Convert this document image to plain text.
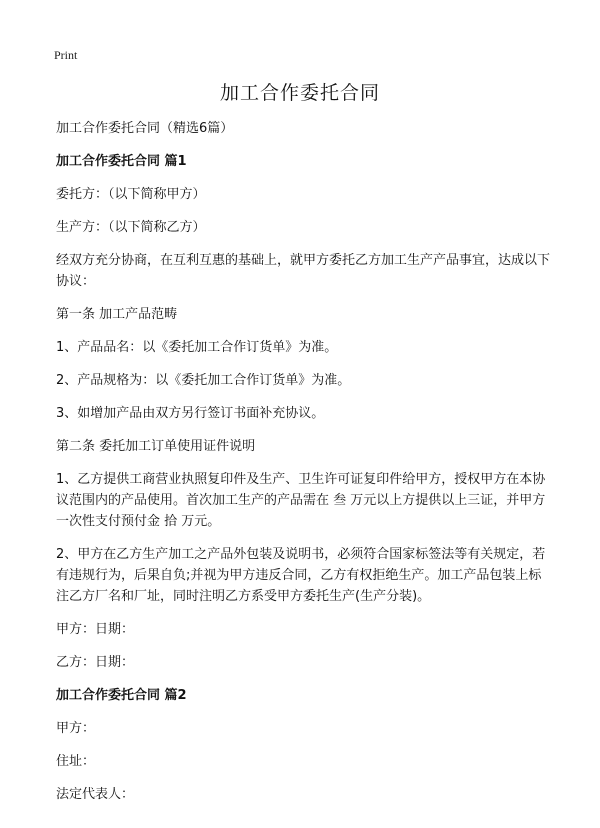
Print
加工合作委托合同

加工合作委托合同（精选6篇）

加工合作委托合同 篇1

委托方：（以下简称甲方）

生产方：（以下简称乙方）

经双方充分协商，在互利互惠的基础上，就甲方委托乙方加工生产产品事宜，达成以下协议：

第一条 加工产品范畴

1、产品品名：以《委托加工合作订货单》为准。

2、产品规格为：以《委托加工合作订货单》为准。

3、如增加产品由双方另行签订书面补充协议。

第二条 委托加工订单使用证件说明

1、乙方提供工商营业执照复印件及生产、卫生许可证复印件给甲方，授权甲方在本协议范围内的产品使用。首次加工生产的产品需在 叁 万元以上方提供以上三证，并甲方一次性支付预付金 拾 万元。

2、甲方在乙方生产加工之产品外包装及说明书，必须符合国家标签法等有关规定，若有违规行为，后果自负;并视为甲方违反合同，乙方有权拒绝生产。加工产品包装上标注乙方厂名和厂址，同时注明乙方系受甲方委托生产(生产分装)。

甲方：日期：

乙方：日期：

加工合作委托合同 篇2

甲方：

住址：

法定代表人：
